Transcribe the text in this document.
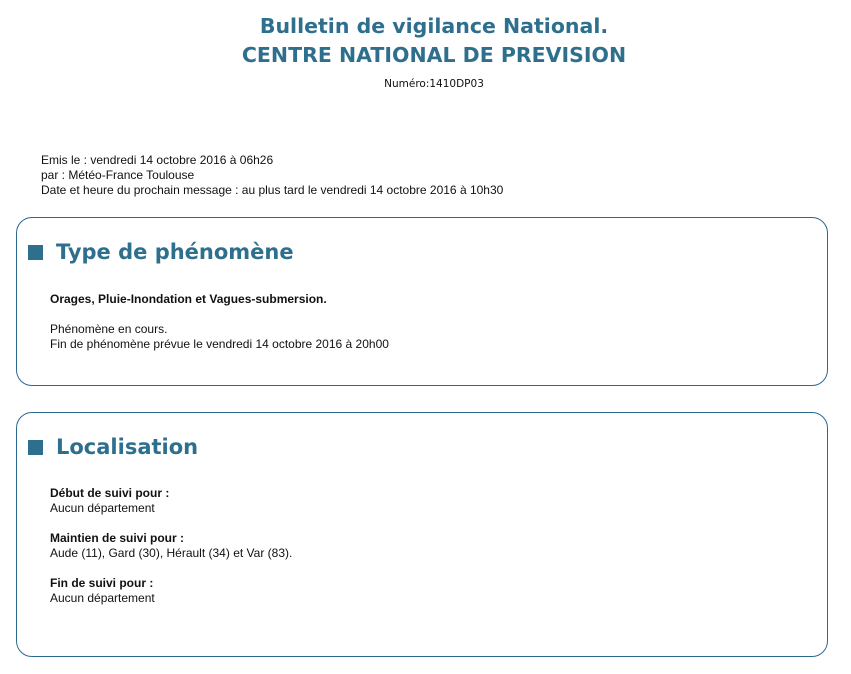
Bulletin de vigilance National.
CENTRE NATIONAL DE PREVISION
Numéro:1410DP03
Emis le : vendredi 14 octobre 2016 à 06h26
par : Météo-France Toulouse
Date et heure du prochain message : au plus tard le vendredi 14 octobre 2016 à 10h30
Type de phénomène
Orages, Pluie-Inondation et Vagues-submersion.
Phénomène en cours.
Fin de phénomène prévue le vendredi 14 octobre 2016 à 20h00
Localisation
Début de suivi pour :
Aucun département
Maintien de suivi pour :
Aude (11), Gard (30), Hérault (34) et Var (83).
Fin de suivi pour :
Aucun département
